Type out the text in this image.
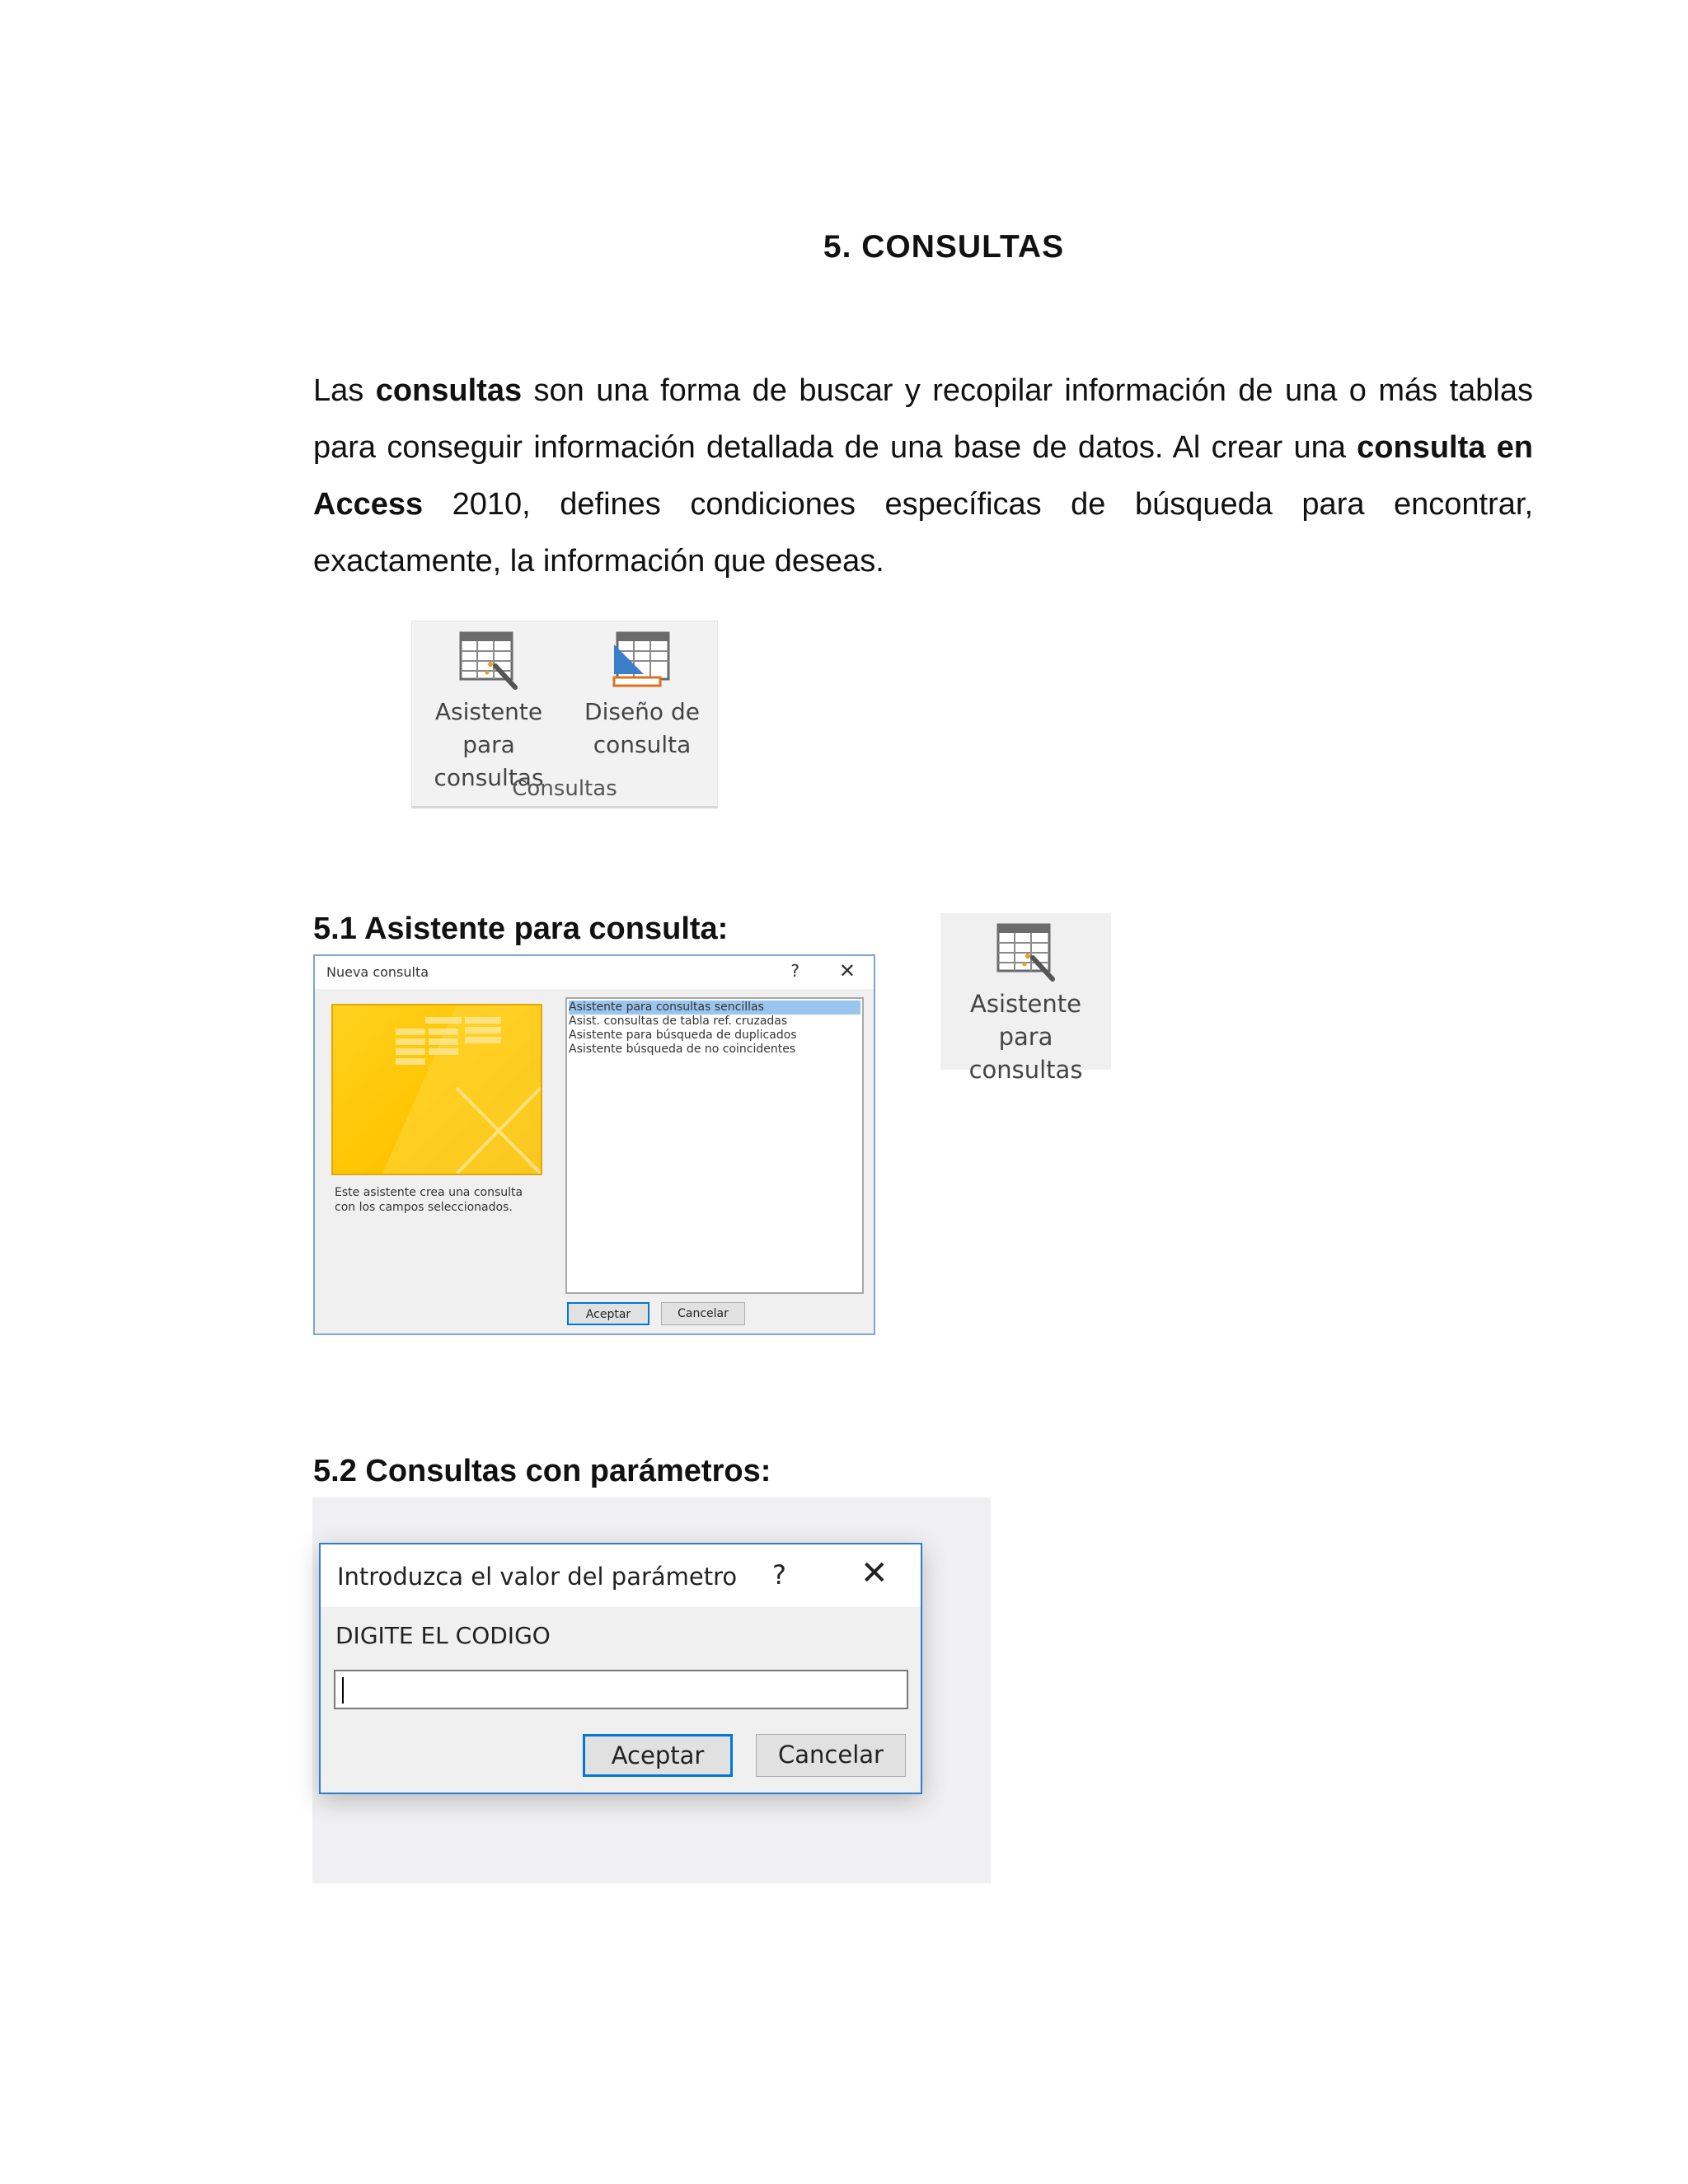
5. CONSULTAS
Las consultas son una forma de buscar y recopilar información de una o más tablas para conseguir información detallada de una base de datos. Al crear una consulta en Access 2010, defines condiciones específicas de búsqueda para encontrar, exactamente, la información que deseas.
Asistente para
consultas
Diseño de
consulta
Consultas
5.1 Asistente para consulta:
Nueva consulta	? ✕
Este asistente crea una consulta con los campos seleccionados.
Asistente para consultas sencillas
Asist. consultas de tabla ref. cruzadas
Asistente para búsqueda de duplicados
Asistente búsqueda de no coincidentes
Aceptar	Cancelar
Asistente para
consultas
5.2 Consultas con parámetros:
Introduzca el valor del parámetro ? ✕
DIGITE EL CODIGO
Aceptar	Cancelar
